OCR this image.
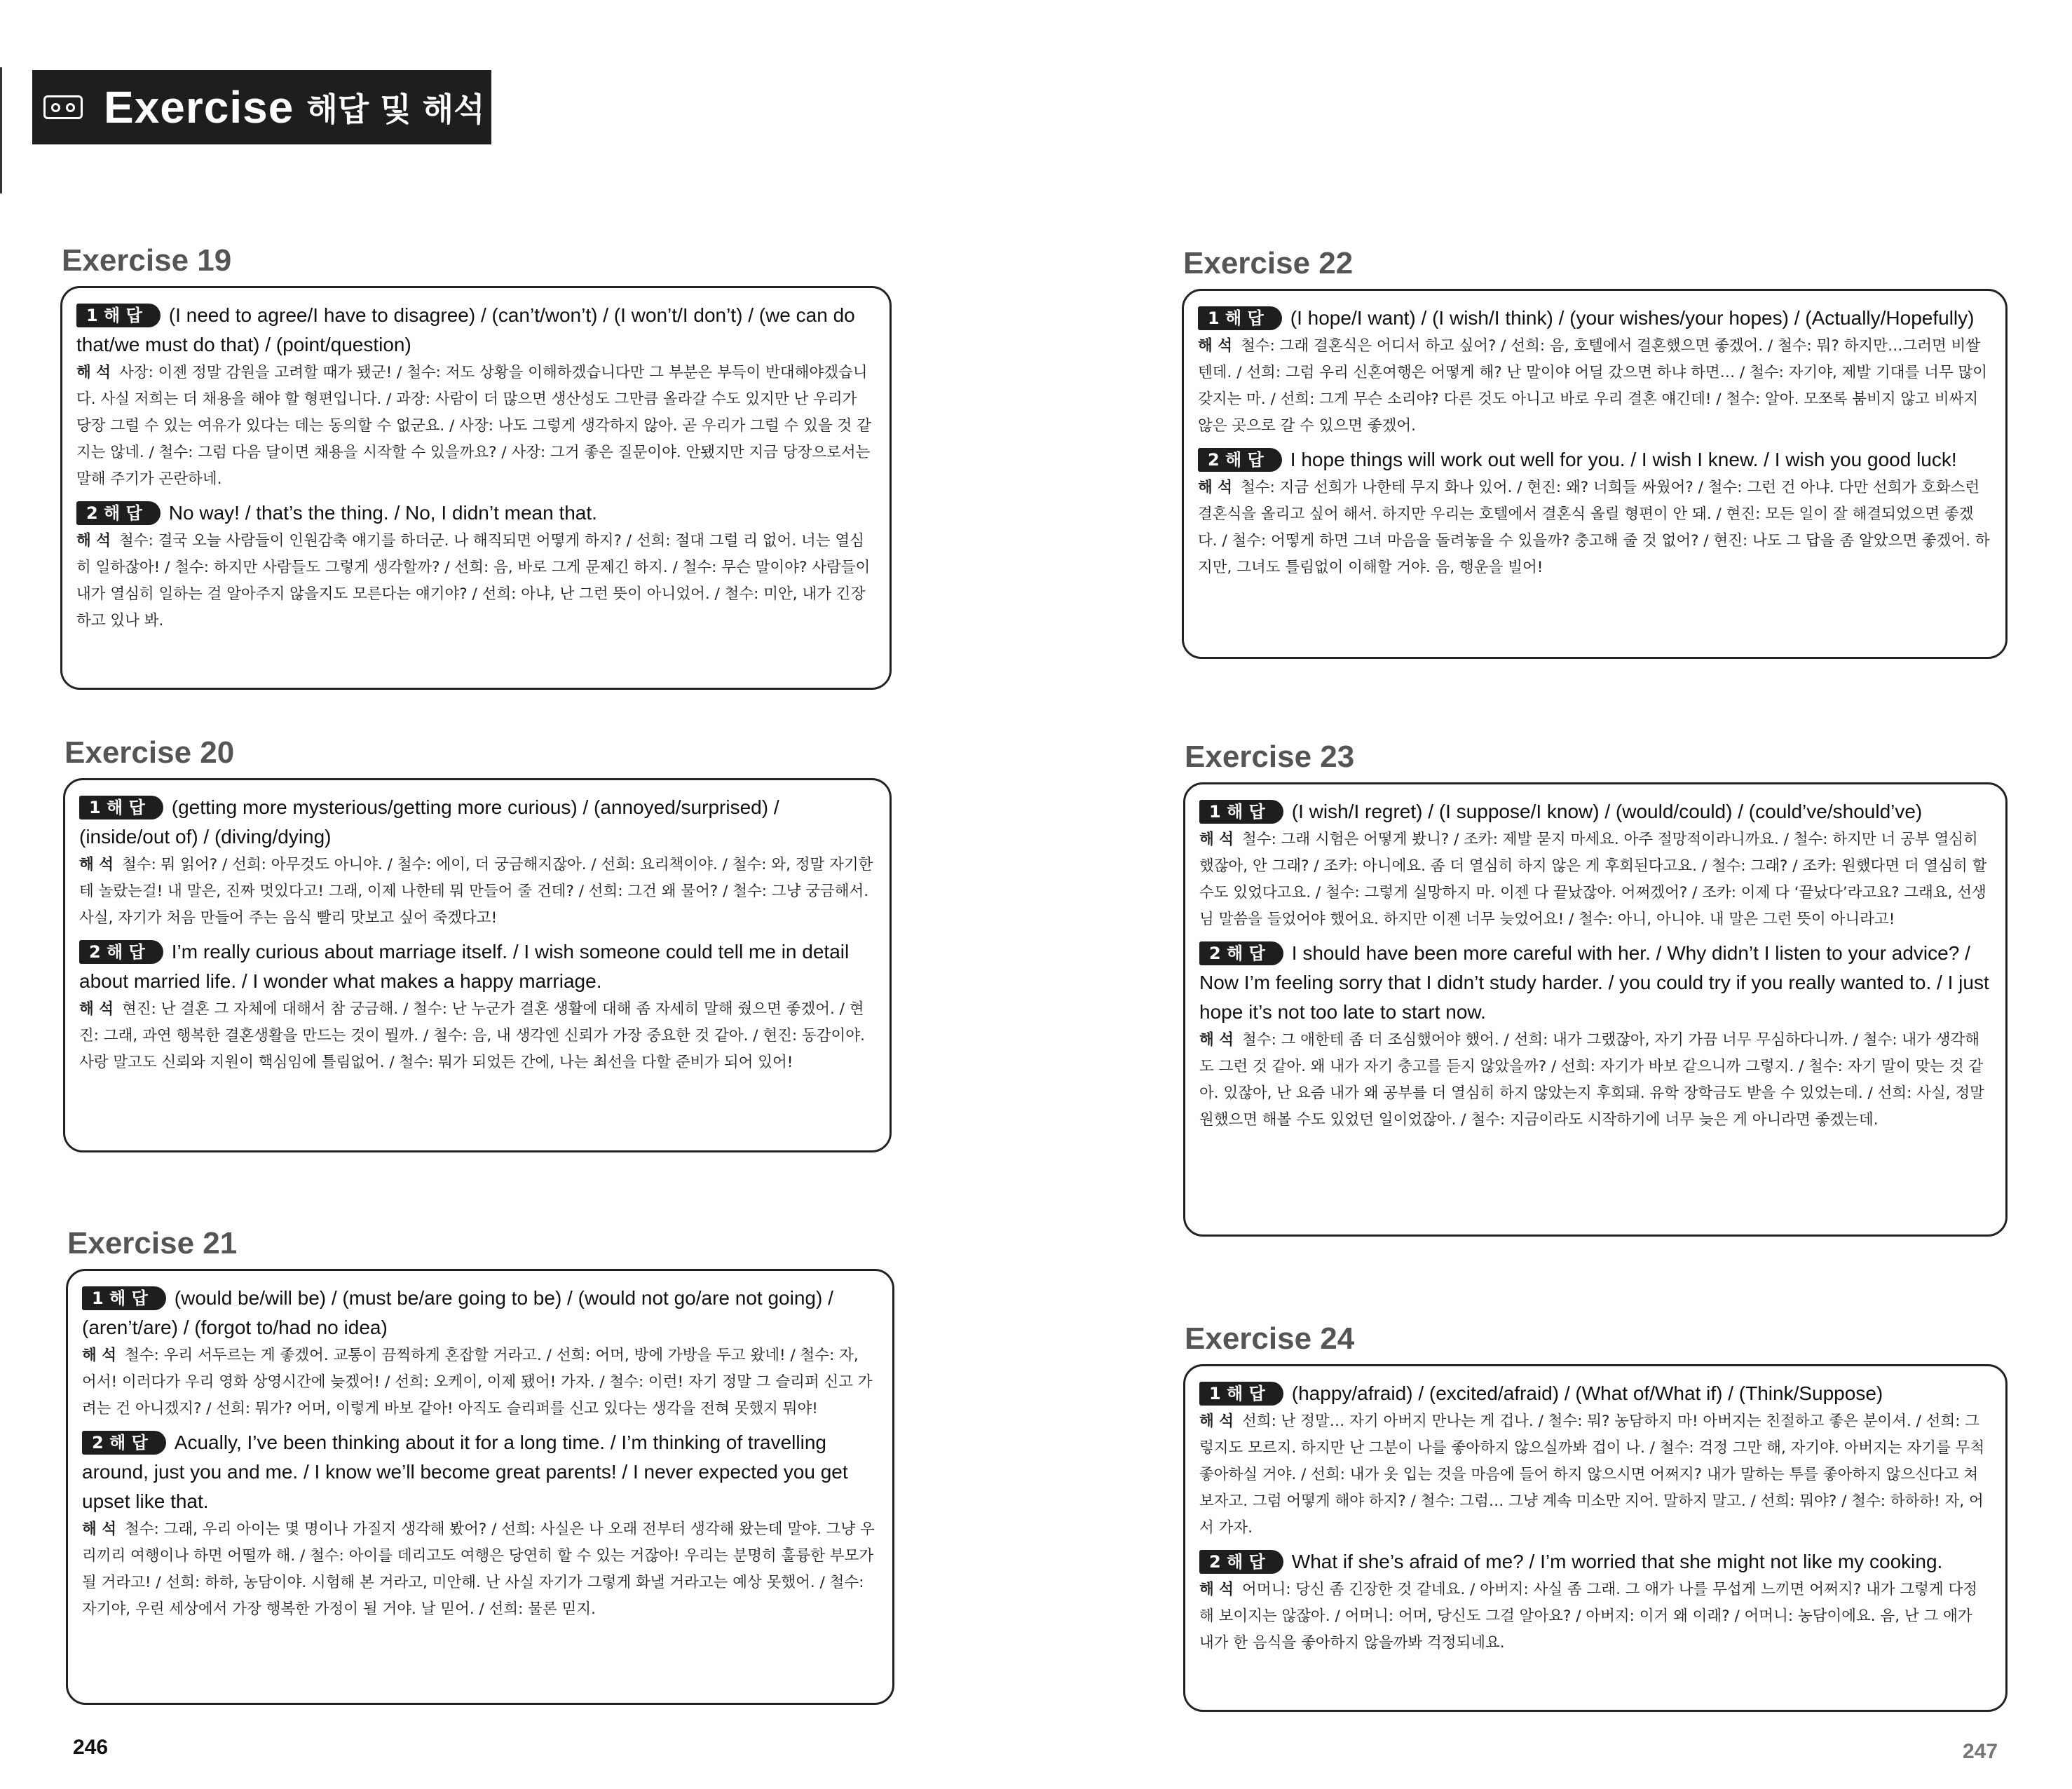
Exercise 해답 및 해석
Exercise 19
1 해 답 (I need to agree/I have to disagree) / (can’t/won’t) / (I won’t/I don’t) / (we can do that/we must do that) / (point/question)
해 석 사장: 이젠 정말 감원을 고려할 때가 됐군! / 철수: 저도 상황을 이해하겠습니다만 그 부분은 부득이 반대해야겠습니다. 사실 저희는 더 채용을 해야 할 형편입니다. / 과장: 사람이 더 많으면 생산성도 그만큼 올라갈 수도 있지만 난 우리가 당장 그럴 수 있는 여유가 있다는 데는 동의할 수 없군요. / 사장: 나도 그렇게 생각하지 않아. 곧 우리가 그럴 수 있을 것 같지는 않네. / 철수: 그럼 다음 달이면 채용을 시작할 수 있을까요? / 사장: 그거 좋은 질문이야. 안됐지만 지금 당장으로서는 말해 주기가 곤란하네.
2 해 답 No way! / that’s the thing. / No, I didn’t mean that.
해 석 철수: 결국 오늘 사람들이 인원감축 얘기를 하더군. 나 해직되면 어떻게 하지? / 선희: 절대 그럴 리 없어. 너는 열심히 일하잖아! / 철수: 하지만 사람들도 그렇게 생각할까? / 선희: 음, 바로 그게 문제긴 하지. / 철수: 무슨 말이야? 사람들이 내가 열심히 일하는 걸 알아주지 않을지도 모른다는 얘기야? / 선희: 아냐, 난 그런 뜻이 아니었어. / 철수: 미안, 내가 긴장하고 있나 봐.
Exercise 20
1 해 답 (getting more mysterious/getting more curious) / (annoyed/surprised) / (inside/out of) / (diving/dying)
해 석 철수: 뭐 읽어? / 선희: 아무것도 아니야. / 철수: 에이, 더 궁금해지잖아. / 선희: 요리책이야. / 철수: 와, 정말 자기한테 놀랐는걸! 내 말은, 진짜 멋있다고! 그래, 이제 나한테 뭐 만들어 줄 건데? / 선희: 그건 왜 물어? / 철수: 그냥 궁금해서. 사실, 자기가 처음 만들어 주는 음식 빨리 맛보고 싶어 죽겠다고!
2 해 답 I’m really curious about marriage itself. / I wish someone could tell me in detail about married life. / I wonder what makes a happy marriage.
해 석 현진: 난 결혼 그 자체에 대해서 참 궁금해. / 철수: 난 누군가 결혼 생활에 대해 좀 자세히 말해 줬으면 좋겠어. / 현진: 그래, 과연 행복한 결혼생활을 만드는 것이 뭘까. / 철수: 음, 내 생각엔 신뢰가 가장 중요한 것 같아. / 현진: 동감이야. 사랑 말고도 신뢰와 지원이 핵심임에 틀림없어. / 철수: 뭐가 되었든 간에, 나는 최선을 다할 준비가 되어 있어!
Exercise 21
1 해 답 (would be/will be) / (must be/are going to be) / (would not go/are not going) / (aren’t/are) / (forgot to/had no idea)
해 석 철수: 우리 서두르는 게 좋겠어. 교통이 끔찍하게 혼잡할 거라고. / 선희: 어머, 방에 가방을 두고 왔네! / 철수: 자, 어서! 이러다가 우리 영화 상영시간에 늦겠어! / 선희: 오케이, 이제 됐어! 가자. / 철수: 이런! 자기 정말 그 슬리퍼 신고 가려는 건 아니겠지? / 선희: 뭐가? 어머, 이렇게 바보 같아! 아직도 슬리퍼를 신고 있다는 생각을 전혀 못했지 뭐야!
2 해 답 Acually, I’ve been thinking about it for a long time. / I’m thinking of travelling around, just you and me. / I know we’ll become great parents! / I never expected you get upset like that.
해 석 철수: 그래, 우리 아이는 몇 명이나 가질지 생각해 봤어? / 선희: 사실은 나 오래 전부터 생각해 왔는데 말야. 그냥 우리끼리 여행이나 하면 어떨까 해. / 철수: 아이를 데리고도 여행은 당연히 할 수 있는 거잖아! 우리는 분명히 훌륭한 부모가 될 거라고! / 선희: 하하, 농담이야. 시험해 본 거라고, 미안해. 난 사실 자기가 그렇게 화낼 거라고는 예상 못했어. / 철수: 자기야, 우린 세상에서 가장 행복한 가정이 될 거야. 날 믿어. / 선희: 물론 믿지.
Exercise 22
1 해 답 (I hope/I want) / (I wish/I think) / (your wishes/your hopes) / (Actually/Hopefully)
해 석 철수: 그래 결혼식은 어디서 하고 싶어? / 선희: 음, 호텔에서 결혼했으면 좋겠어. / 철수: 뭐? 하지만…그러면 비쌀 텐데. / 선희: 그럼 우리 신혼여행은 어떻게 해? 난 말이야 어딜 갔으면 하냐 하면… / 철수: 자기야, 제발 기대를 너무 많이 갖지는 마. / 선희: 그게 무슨 소리야? 다른 것도 아니고 바로 우리 결혼 얘긴데! / 철수: 알아. 모쪼록 붐비지 않고 비싸지 않은 곳으로 갈 수 있으면 좋겠어.
2 해 답 I hope things will work out well for you. / I wish I knew. / I wish you good luck!
해 석 철수: 지금 선희가 나한테 무지 화나 있어. / 현진: 왜? 너희들 싸웠어? / 철수: 그런 건 아냐. 다만 선희가 호화스런 결혼식을 올리고 싶어 해서. 하지만 우리는 호텔에서 결혼식 올릴 형편이 안 돼. / 현진: 모든 일이 잘 해결되었으면 좋겠다. / 철수: 어떻게 하면 그녀 마음을 돌려놓을 수 있을까? 충고해 줄 것 없어? / 현진: 나도 그 답을 좀 알았으면 좋겠어. 하지만, 그녀도 틀림없이 이해할 거야. 음, 행운을 빌어!
Exercise 23
1 해 답 (I wish/I regret) / (I suppose/I know) / (would/could) / (could’ve/should’ve)
해 석 철수: 그래 시험은 어떻게 봤니? / 조카: 제발 묻지 마세요. 아주 절망적이라니까요. / 철수: 하지만 너 공부 열심히 했잖아, 안 그래? / 조카: 아니에요. 좀 더 열심히 하지 않은 게 후회된다고요. / 철수: 그래? / 조카: 원했다면 더 열심히 할 수도 있었다고요. / 철수: 그렇게 실망하지 마. 이젠 다 끝났잖아. 어쩌겠어? / 조카: 이제 다 ‘끝났다’라고요? 그래요, 선생님 말씀을 들었어야 했어요. 하지만 이젠 너무 늦었어요! / 철수: 아니, 아니야. 내 말은 그런 뜻이 아니라고!
2 해 답 I should have been more careful with her. / Why didn’t I listen to your advice? / Now I’m feeling sorry that I didn’t study harder. / you could try if you really wanted to. / I just hope it’s not too late to start now.
해 석 철수: 그 애한테 좀 더 조심했어야 했어. / 선희: 내가 그랬잖아, 자기 가끔 너무 무심하다니까. / 철수: 내가 생각해도 그런 것 같아. 왜 내가 자기 충고를 듣지 않았을까? / 선희: 자기가 바보 같으니까 그렇지. / 철수: 자기 말이 맞는 것 같아. 있잖아, 난 요즘 내가 왜 공부를 더 열심히 하지 않았는지 후회돼. 유학 장학금도 받을 수 있었는데. / 선희: 사실, 정말 원했으면 해볼 수도 있었던 일이었잖아. / 철수: 지금이라도 시작하기에 너무 늦은 게 아니라면 좋겠는데.
Exercise 24
1 해 답 (happy/afraid) / (excited/afraid) / (What of/What if) / (Think/Suppose)
해 석 선희: 난 정말… 자기 아버지 만나는 게 겁나. / 철수: 뭐? 농담하지 마! 아버지는 친절하고 좋은 분이셔. / 선희: 그렇지도 모르지. 하지만 난 그분이 나를 좋아하지 않으실까봐 겁이 나. / 철수: 걱정 그만 해, 자기야. 아버지는 자기를 무척 좋아하실 거야. / 선희: 내가 옷 입는 것을 마음에 들어 하지 않으시면 어쩌지? 내가 말하는 투를 좋아하지 않으신다고 쳐보자고. 그럼 어떻게 해야 하지? / 철수: 그럼… 그냥 계속 미소만 지어. 말하지 말고. / 선희: 뭐야? / 철수: 하하하! 자, 어서 가자.
2 해 답 What if she’s afraid of me? / I’m worried that she might not like my cooking.
해 석 어머니: 당신 좀 긴장한 것 같네요. / 아버지: 사실 좀 그래. 그 애가 나를 무섭게 느끼면 어쩌지? 내가 그렇게 다정해 보이지는 않잖아. / 어머니: 어머, 당신도 그걸 알아요? / 아버지: 이거 왜 이래? / 어머니: 농담이에요. 음, 난 그 애가 내가 한 음식을 좋아하지 않을까봐 걱정되네요.
246	247
